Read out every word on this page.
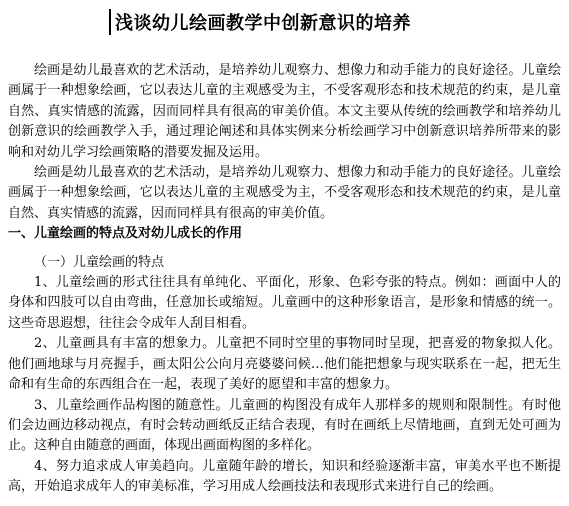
浅谈幼儿绘画教学中创新意识的培养

绘画是幼儿最喜欢的艺术活动，是培养幼儿观察力、想像力和动手能力的良好途径。儿童绘画属于一种想象绘画，它以表达儿童的主观感受为主，不受客观形态和技术规范的约束，是儿童自然、真实情感的流露，因而同样具有很高的审美价值。本文主要从传统的绘画教学和培养幼儿创新意识的绘画教学入手，通过理论阐述和具体实例来分析绘画学习中创新意识培养所带来的影响和对幼儿学习绘画策略的潜要发掘及运用。

绘画是幼儿最喜欢的艺术活动，是培养幼儿观察力、想像力和动手能力的良好途径。儿童绘画属于一种想象绘画，它以表达儿童的主观感受为主，不受客观形态和技术规范的约束，是儿童自然、真实情感的流露，因而同样具有很高的审美价值。

一、儿童绘画的特点及对幼儿成长的作用

（一）儿童绘画的特点

1、儿童绘画的形式往往具有单纯化、平面化，形象、色彩夸张的特点。例如：画面中人的身体和四肢可以自由弯曲，任意加长或缩短。儿童画中的这种形象语言，是形象和情感的统一。这些奇思遐想，往往会令成年人刮目相看。

2、儿童画具有丰富的想象力。儿童把不同时空里的事物同时呈现，把喜爱的物象拟人化。他们画地球与月亮握手，画太阳公公向月亮婆婆问候…他们能把想象与现实联系在一起，把无生命和有生命的东西组合在一起，表现了美好的愿望和丰富的想象力。

3、儿童绘画作品构图的随意性。儿童画的构图没有成年人那样多的规则和限制性。有时他们会边画边移动视点，有时会转动画纸反正结合表现，有时在画纸上尽情地画，直到无处可画为止。这种自由随意的画面，体现出画面构图的多样化。

4、努力追求成人审美趋向。儿童随年龄的增长，知识和经验逐渐丰富，审美水平也不断提高，开始追求成年人的审美标准，学习用成人绘画技法和表现形式来进行自己的绘画。
